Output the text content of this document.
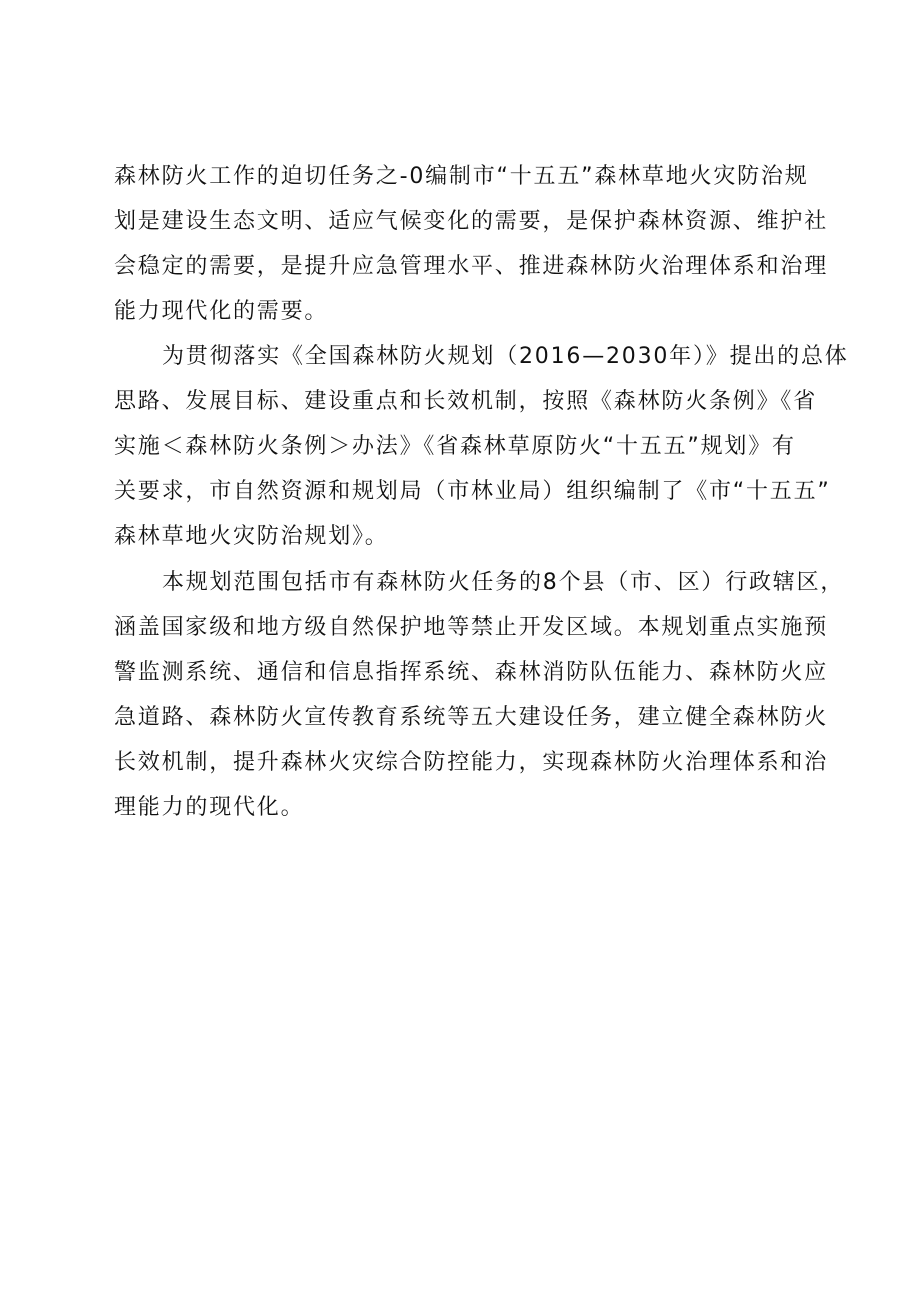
森林防火工作的迫切任务之-0编制市“十五五”森林草地火灾防治规
划是建设生态文明、适应气候变化的需要，是保护森林资源、维护社
会稳定的需要，是提升应急管理水平、推进森林防火治理体系和治理
能力现代化的需要。
为贯彻落实《全国森林防火规划（2016—2030年）》提出的总体
思路、发展目标、建设重点和长效机制，按照《森林防火条例》《省
实施＜森林防火条例＞办法》《省森林草原防火“十五五”规划》有
关要求，市自然资源和规划局（市林业局）组织编制了《市“十五五”
森林草地火灾防治规划》。
本规划范围包括市有森林防火任务的8个县（市、区）行政辖区，
涵盖国家级和地方级自然保护地等禁止开发区域。本规划重点实施预
警监测系统、通信和信息指挥系统、森林消防队伍能力、森林防火应
急道路、森林防火宣传教育系统等五大建设任务，建立健全森林防火
长效机制，提升森林火灾综合防控能力，实现森林防火治理体系和治
理能力的现代化。
